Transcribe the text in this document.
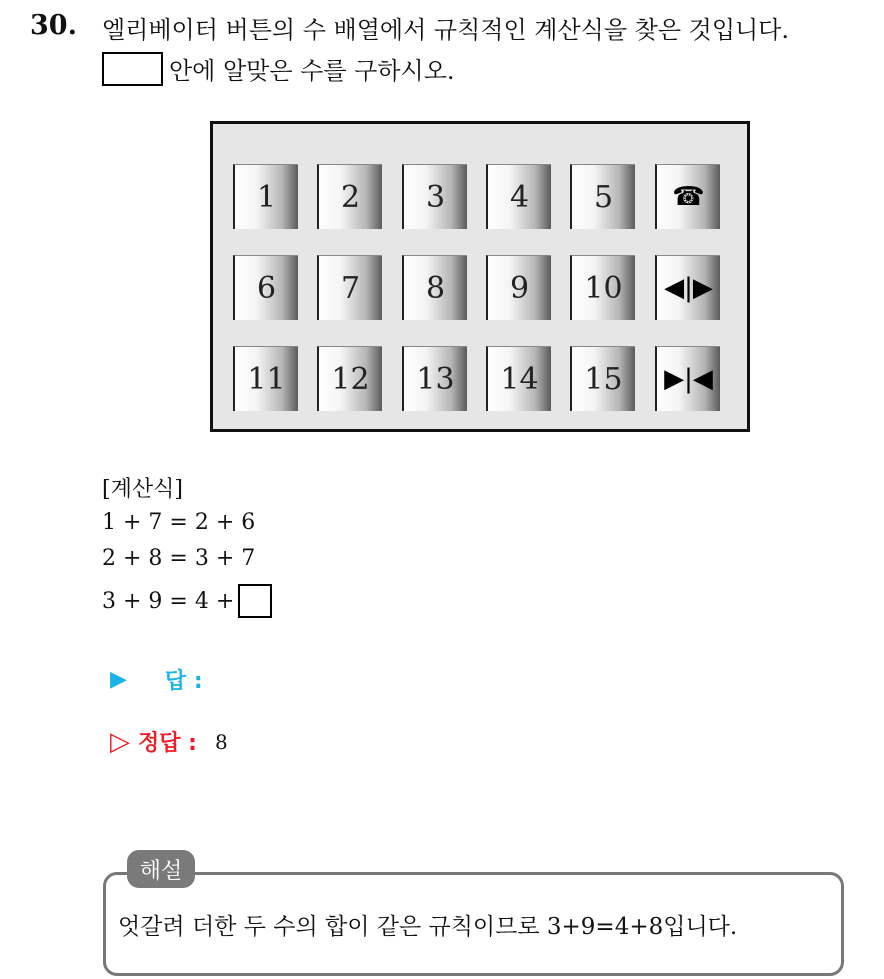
30. 엘리베이터 버튼의 수 배열에서 규칙적인 계산식을 찾은 것입니다.
안에 알맞은 수를 구하시오.
1	2	3	4	5	☎
6	7	8	9	10	◀|▶
11	12	13	14	15	▶|◀
[계산식]
1 + 7 = 2 + 6
2 + 8 = 3 + 7
3 + 9 = 4 +
▶ 답 :
▷ 정답 : 8
해설
엇갈려 더한 두 수의 합이 같은 규칙이므로 3+9=4+8입니다.
